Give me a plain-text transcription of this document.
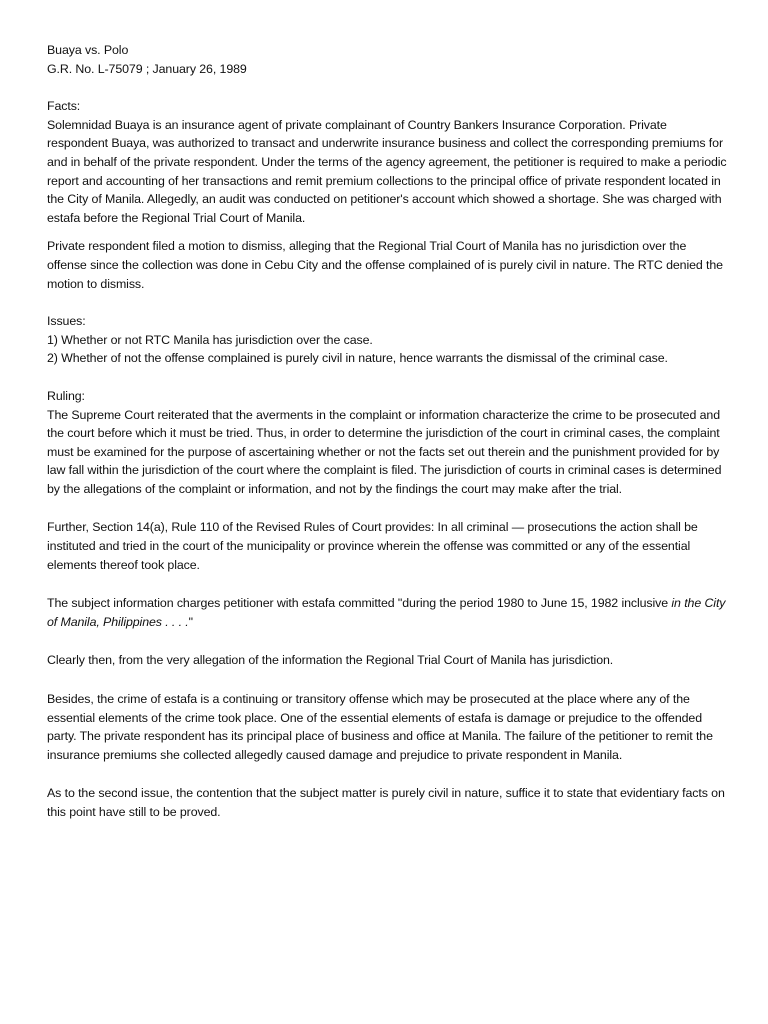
Buaya vs. Polo

G.R. No. L-75079 ; January 26, 1989

Facts:

Solemnidad Buaya is an insurance agent of private complainant of Country Bankers Insurance Corporation. Private respondent Buaya, was authorized to transact and underwrite insurance business and collect the corresponding premiums for and in behalf of the private respondent. Under the terms of the agency agreement, the petitioner is required to make a periodic report and accounting of her transactions and remit premium collections to the principal office of private respondent located in the City of Manila. Allegedly, an audit was conducted on petitioner's account which showed a shortage. She was charged with estafa before the Regional Trial Court of Manila.

Private respondent filed a motion to dismiss, alleging that the Regional Trial Court of Manila has no jurisdiction over the offense since the collection was done in Cebu City and the offense complained of is purely civil in nature. The RTC denied the motion to dismiss.

Issues:

1) Whether or not RTC Manila has jurisdiction over the case.

2) Whether of not the offense complained is purely civil in nature, hence warrants the dismissal of the criminal case.

Ruling:

The Supreme Court reiterated that the averments in the complaint or information characterize the crime to be prosecuted and the court before which it must be tried. Thus, in order to determine the jurisdiction of the court in criminal cases, the complaint must be examined for the purpose of ascertaining whether or not the facts set out therein and the punishment provided for by law fall within the jurisdiction of the court where the complaint is filed. The jurisdiction of courts in criminal cases is determined by the allegations of the complaint or information, and not by the findings the court may make after the trial.

Further, Section 14(a), Rule 110 of the Revised Rules of Court provides: In all criminal — prosecutions the action shall be instituted and tried in the court of the municipality or province wherein the offense was committed or any of the essential elements thereof took place.

The subject information charges petitioner with estafa committed "during the period 1980 to June 15, 1982 inclusive in the City of Manila, Philippines . . . ."

Clearly then, from the very allegation of the information the Regional Trial Court of Manila has jurisdiction.

Besides, the crime of estafa is a continuing or transitory offense which may be prosecuted at the place where any of the essential elements of the crime took place. One of the essential elements of estafa is damage or prejudice to the offended party. The private respondent has its principal place of business and office at Manila. The failure of the petitioner to remit the insurance premiums she collected allegedly caused damage and prejudice to private respondent in Manila.

As to the second issue, the contention that the subject matter is purely civil in nature, suffice it to state that evidentiary facts on this point have still to be proved.
